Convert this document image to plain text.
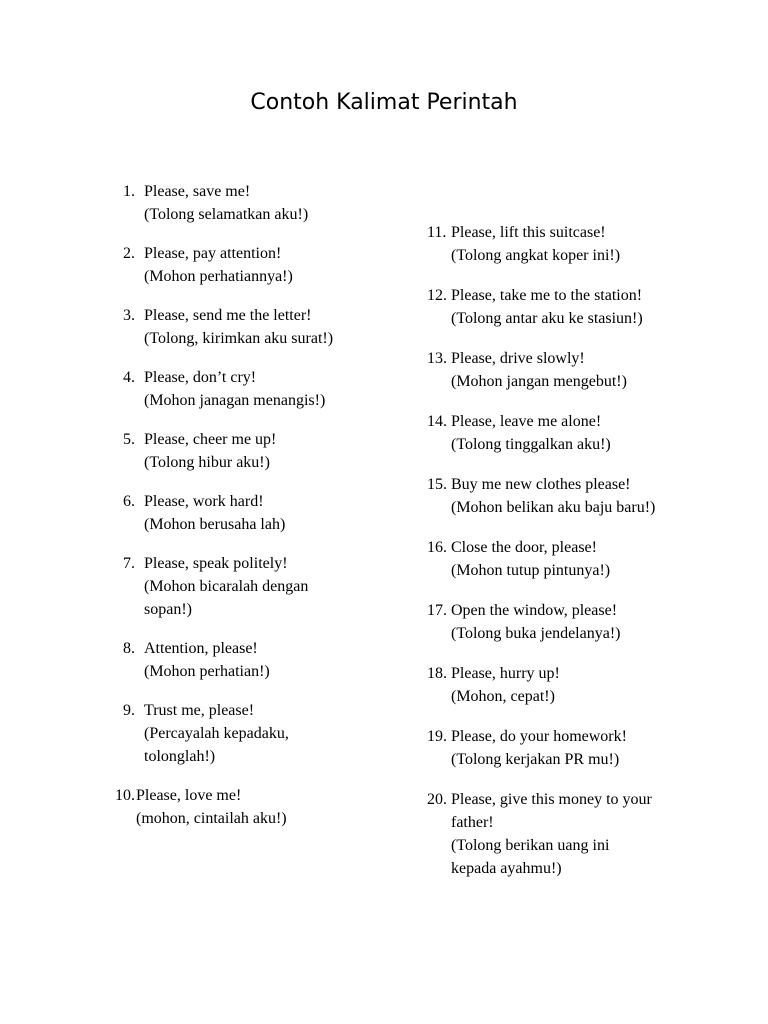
Contoh Kalimat Perintah
1. Please, save me!
(Tolong selamatkan aku!)
2. Please, pay attention!
(Mohon perhatiannya!)
3. Please, send me the letter!
(Tolong, kirimkan aku surat!)
4. Please, don’t cry!
(Mohon janagan menangis!)
5. Please, cheer me up!
(Tolong hibur aku!)
6. Please, work hard!
(Mohon berusaha lah)
7. Please, speak politely!
(Mohon bicaralah dengan sopan!)
8. Attention, please!
(Mohon perhatian!)
9. Trust me, please!
(Percayalah kepadaku, tolonglah!)
10. Please, love me!
(mohon, cintailah aku!)
11. Please, lift this suitcase!
(Tolong angkat koper ini!)
12. Please, take me to the station!
(Tolong antar aku ke stasiun!)
13. Please, drive slowly!
(Mohon jangan mengebut!)
14. Please, leave me alone!
(Tolong tinggalkan aku!)
15. Buy me new clothes please!
(Mohon belikan aku baju baru!)
16. Close the door, please!
(Mohon tutup pintunya!)
17. Open the window, please!
(Tolong buka jendelanya!)
18. Please, hurry up!
(Mohon, cepat!)
19. Please, do your homework!
(Tolong kerjakan PR mu!)
20. Please, give this money to your father!
(Tolong berikan uang ini kepada ayahmu!)
